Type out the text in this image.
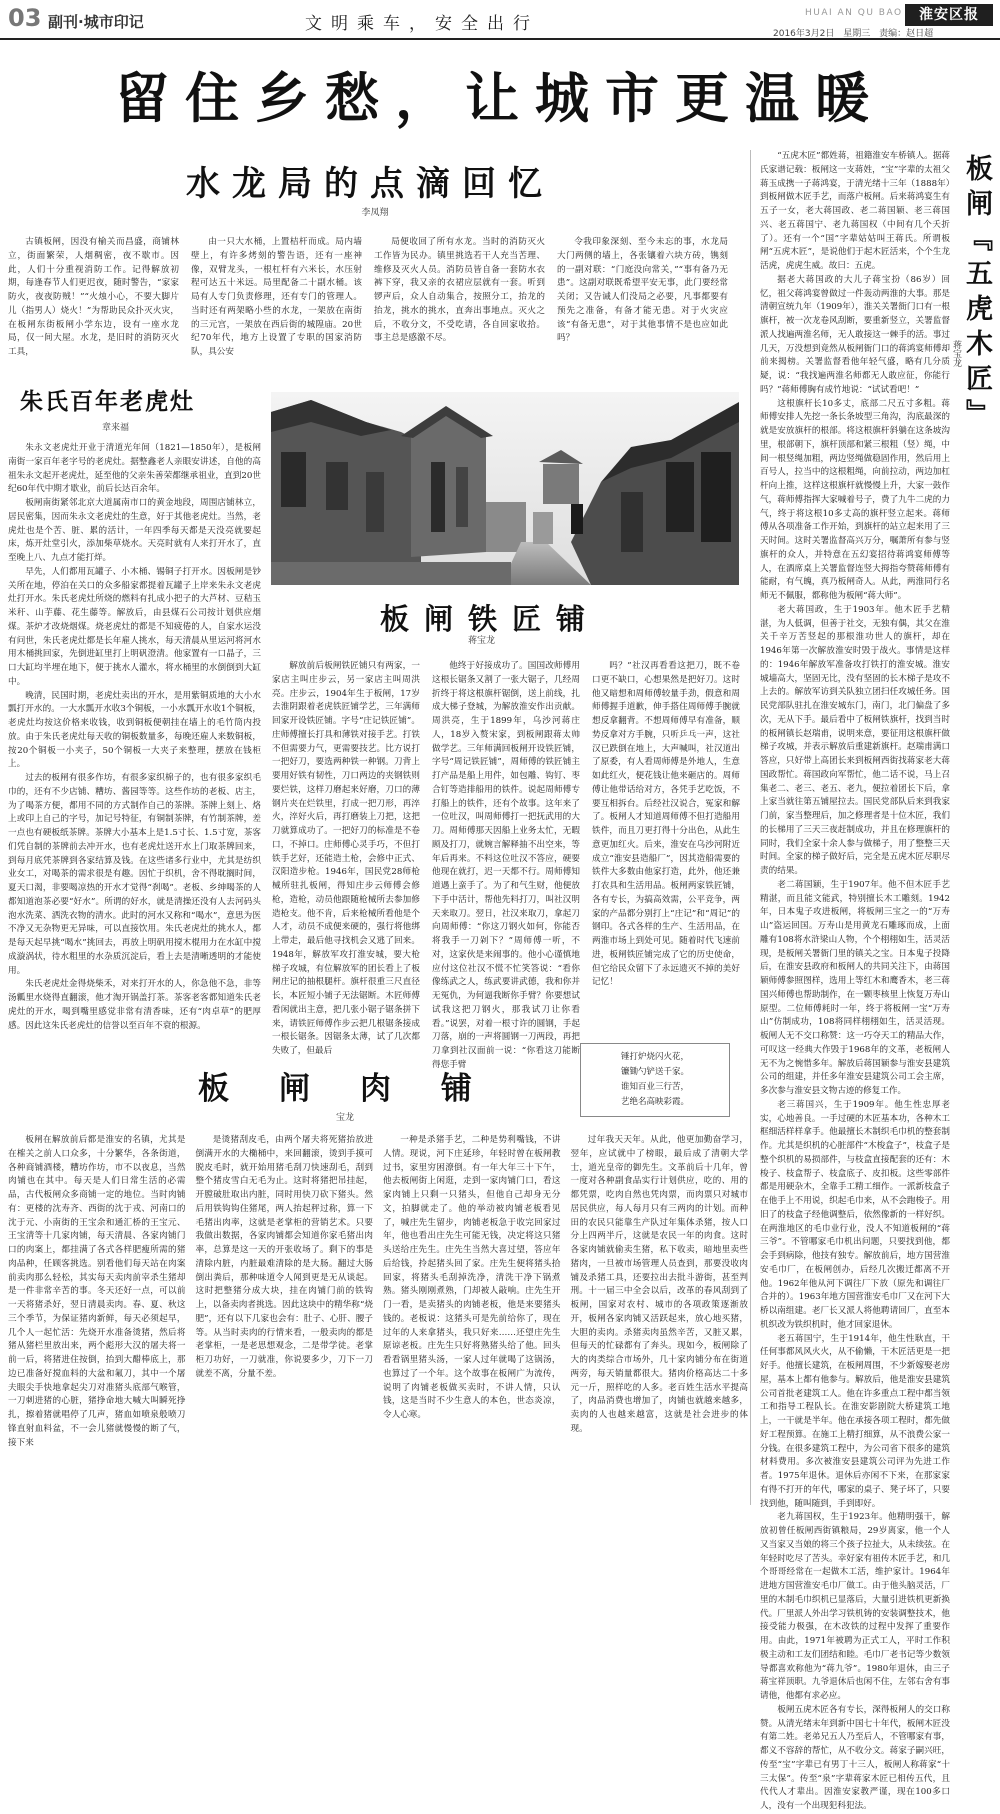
03 副刊·城市印记	文明乘车，安全出行
HUAI AN QU BAO	淮安区报
2016年3月2日 星期三 责编：赵日超
留住乡愁，让城市更温暖
水龙局的点滴回忆
李凤翔

古镇板闸，因没有榆关而昌盛，商铺林立，街面繁荣，人烟稠密，夜不歇市。因此，人们十分重视消防工作。记得解放初期，每逢春节人们更迟夜，随时警告，“家家防火，夜夜防贼！”“火烛小心，不要大脚片儿（指男人）烧火！”为帮助民众扑灭火灾，在板闸东街板闸小学东边，设有一座水龙局，仅一间大屋。水龙，是旧时的消防灭火工具，

由一只大水桶，上置桔杆而成。局内墙壁上，有许多烤刻的警告语，还有一座神像，双臂龙头，一根杠杆有六米长，水压射程可达五十米远。局里配备二十副水桶。该局有人专门负责修理，还有专门的管理人。当时还有两架略小些的水龙，一架放在南街的三元宫，一架放在西后街的城隍庙。20世纪70年代，地方上设置了专职的国家消防队，具公安

局便收回了所有水龙。当时的消防灭火工作皆为民办。镇里挑选若干人充当苦理、维修及灭火人员。消防员皆自备一套防水衣裤下穿，我又亲的衣裙应层就有一套。听到锣声后，众人自动集合，按照分工，抬龙的抬龙，挑水的挑水，直奔出事地点。灭火之后，不收分文，不受吃请，各自回家收拾。事主总是感激不尽。

令我印象深刻、至今未忘的事，水龙局大门两侧的墙上，各张镶着六块方砖，镌刻的一副对联：“门庭没向常关，”“事有备乃无患”。这副对联既希望平安无事，此门要经常关闭；又告诫人们没局之必要，凡事都要有预先之准备，有备才能无患。对于火灾应该“有备无患”，对于其他事情不是也应如此吗？

朱氏百年老虎灶
章来福

朱永文老虎灶开业于清道光年间（1821—1850年），是板闸南街一家百年老字号的老虎灶。据整鑫老人亲眼安讲述，自他的高祖朱永文起开老虎灶，延至他的父亲朱善荣都继承祖业，直到20世纪60年代中期才歇业，前后长达百余年。

板闸南街紧邻北京大道属南市口的黄金地段，周围店铺林立，居民密集，因而朱永文老虎灶的生意，好于其他老虎灶。当然，老虎灶也是个苦、脏、累的活计，一年四季每天都是天没亮就要起床，炼开灶堂引火，添加柴草烧水。天亮时就有人来打开水了，直至晚上八、九点才能打烊。

早先，人们都用瓦罐子、小木桶、锡铜子打开水。因板闸是钞关所在地，停泊在关口的众多船家都提着瓦罐子上岸来朱永文老虎灶打开水。朱氏老虎灶所烧的燃料有扎成小把子的大芦材、豆秸玉米秆、山芋藤、花生藤等。解放后，由县煤石公司按计划供应烟煤。茶炉才改烧烟煤。烧老虎灶的都是不知疲倦的人，自家水运没有问世，朱氏老虎灶都是长年雇人挑水，每天清晨从里运河将河水用木桶挑回家，先倒进缸里打上明矾澄清。他家置有一口晶子，三口大缸均半埋在地下，便于挑水人灌水，将水桶里的水倒倒到大缸中。

晚清，民国时期，老虎灶卖出的开水，是用紫铜质地的大小水瓢打开水的。一大水瓢开水收3个铜板，一小水瓢开水收1个铜板，老虎灶均按这价格来收钱，收到铜板便朝挂在墙上的毛竹筒内投放。由于朱氏老虎灶每天收的铜板数量多，每晚还雇人来数铜板，按20个铜板一小夹子，50个铜板一大夹子来整理，摆放在钱柜上。

过去的板闸有很多作坊，有很多家织棉子的，也有很多家织毛巾的，还有不少店铺、糟坊、酱园等等。这些作坊的老板、店主，为了喝茶方便，都用不同的方式制作自己的茶牌。茶牌上刻上、烙上或印上自己的字号，加记号特征，有铜制茶牌，有竹制茶牌，差一点也有硬板纸茶牌。茶牌大小基本上是1.5寸长、1.5寸宽，茶客们凭自制的茶牌前去冲开水，也有老虎灶送开水上门取茶牌回来，到每月底凭茶牌到各家结算及钱。在这些诸多行业中，尤其是纺织业女工，对喝茶的需求很是有趣。因忙于织机，舍不得耽搁时间，夏天口渴，非要喝凉热的开水才觉得“刹喝”。老板、乡绅喝茶的人都知道泡茶必要“好水”。所谓的好水，就是清操还没有人去河码头泡水洗菜、洒洗衣物的清水。此时的河水又称和“喝水”，意思为医不净又无杂物更无异味，可以直接饮用。朱氏老虎灶的挑水人，都是每天起早挑“喝水”挑回去，再放上明矾用搅木棍用力在水缸中搅成漩涡状，待水粗里的水杂质沉淀后，看上去是清晰透明的才能使用。

朱氏老虎灶金得烧柴禾，对来打开水的人，你急他不急，非等汤瓤里水烧得直翻滚，他才淘开锅盖打茶。茶客老客都知道朱氏老虎灶的开水，喝到嘴里感觉非常有清香味，还有“肉卓草”的肥厚感。因此这朱氏老虎灶的信誉以至百年不衰的根源。

板闸铁匠铺
蒋宝龙

解放前后板闸铁匠铺只有两家，一家店主叫庄步云，另一家店主叫周洪亮。庄步云，1904年生于板闸，17岁去淮阴跟着老虎铁匠铺学艺，三年满师回家开设铁匠铺。字号“庄记铁匠铺”。庄师傅擅长打具和薄铁对接手艺。打铁不但需要力气，更需要技艺。比方说打一把好刀，要选两种铁一种钢。刀背上要用好铁有韧性，刀口两边的夹钢铁则要烂铁，这样刀磨起来好磨，刀口的薄钢片夹在烂铁里，打成一把刀形，再淬火，淬好火后，再打磨装上刀把，这把刀就算成功了。一把好刀的标准是不卷口，不掉口。庄师傅心灵手巧，不但打铁手艺好，还能造土枪，会修中正式、汉阳造步枪。1946年，国民党28师枪械所驻扎板闸，得知庄步云师傅会修枪，造枪，动员他跟随枪械所去参加修造枪支。他不肯，后来枪械所看他是个人才，动员不成便来硬的，强行将他绑上带走，最后他寻找机会又逃了回来。1948年，解放军攻打淮安城，要大枪梯子攻城，有位解放军的团长看上了板闸庄记的抽根腿杆。旗杆很重三尺直径长，本匠短小铺子无法锯断。木匠师傅看闲就出主意，把几张小锯子锯条拼下来，请铁匠师傅作步云把几根锯条接成一根长锯条。因锯条太薄，试了几次都失败了，但最后

他终于好接成功了。国国改师傅用这根长锯条又割了一张大锯子，几经周折终于将这根旗杆锯倒，送上前线，扎成大梯子登城，为解放淮安作出贡献。周洪亮，生于1899年，乌沙河蒋庄人，18岁入赘宋家，到板闸跟蒋太帅做学艺。三年师满回板闸开设铁匠铺，字号“周记铁匠铺”，周师傅的铁匠铺主打产品是船上用件，如包雕、钩钉、枣合钉等造排船用的铁件。说起周师傅专打船上的铁件，还有个故事。这年来了一位吐汉，叫周师傅打一把抚武用的大刀。周师傅那天因船上业务太忙，无暇顾及打刀，就婉言解释抽不出空来，等年后再来。不料这位吐汉不答应，硬要他现在就打，迟一天都不行。周师傅知道遇上蛮手了。为了和气生财，他便放下手中活计，帮他先料打刀，叫社汉明天来取刀。翌日，社汉来取刀，拿起刀向周师傅：“你这刀钢火如何，你能否将我手一刀剁下？”周师傅一听，不对，这家伙是来闹事的。他小心谨慎地应付这位社汉不慌不忙笑答说：“看你像练武之人，练武要讲武德，我和你并无冤仇，为何逼我断你手臂？你要想试试我这把刀钢火，那我试刀让你看看。”说罢，对着一根寸许的圆钢，手起刀落，崩的一声将圆钢一刀两段，再把刀拿到社汉面前一说：“你看这刀能断得您手臂

吗？”社汉再看看这把刀，既不卷口更不缺口，心想果然是把好刀。这时他又暗想和周师傅较量手劲，假意和周师傅握手道歉，伸手搭住周师傅手腕就想反拿翻背。不想周师傅早有准备，顺势反拿对方手腕，只听乒乓一声，这社汉已跌倒在地上，大声喊叫，社汉道出了原委，有人看周师傅是外地人，生意如此红火，便花钱让他来砸店的。周师傅让他带话给对方，各凭手艺吃饭，不要互相拆台。后经社汉说合，冤家和解了。板闸人才知道周师傅不但打造船用铁件，而且刀更打得十分出色，从此生意更加红火。后来，淮安在乌沙河附近成立“淮安县造船厂”，因其造船需要的铁件大多数由他家打造，此外，他还兼打农具和生活用品。板闸两家铁匠铺，各有专长，为搞高效需，公平竞争，两家的产品都分别打上“庄记”和“周记”的钢印。各式各样的生产、生活用品，在两淮市场上到处可见。随着时代飞速前进，板闸铁匠铺完成了它的历史使命，但它给民众留下了永远遗灭不掉的美好记忆！

锤打炉烧闪火花，
镰锄勺铲送千家。
谁知百业三行苦，
艺绝名高映彩霞。
板闸『五虎木匠』
蒋宝龙

“五虎木匠”都姓蒋，祖籍淮安车桥镇人。据蒋氏家谱记载：板闸这一支蒋姓，“宝”字辈的太祖父蒋玉成携一子蒋鸿宴，于清光绪十三年（1888年）到板闸做木匠手艺，而落户板闸。后来蒋鸿宴生有五子一女，老大蒋国政、老二蒋国颖、老三蒋国兴、老五蒋国宁、老九蒋国权（中间有几个夭折了）。还有一个“国”字辈姑姑叫王蒋氏。所谓板闸“五虎木匠”，是说他们于起木匠活来，个个生龙活虎，虎虎生威。故曰：五虎。

据老大蒋国政的大儿子蒋宝扮（86岁）回忆，祖父蒋鸿宴曾做过一件轰动两淮的大事。那是清朝宣统九年（1909年），淮关关署衙门口有一根旗杆，被一次龙卷风刮断，要重新竖立，关署监督派人找遍两淮名师，无人敢接这一棘手的活。事过几天，万没想到竟然从板闸衙门口的蒋鸿宴师傅却前来揭榜。关署监督看他年轻气盛，略有几分质疑，说：“我找遍两淮名师都无人敢应征，你能行吗？”蒋师傅胸有成竹地说：“试试看吧！”

这根旗杆长10多丈，底部二尺五寸多粗。蒋师傅安排人先挖一条长条坡型三角沟，沟底最深的就是安放旗杆的根部。将这根旗杆斜躺在这条坡沟里，根部朝下，旗杆顶部和紧三根粗（竖）绳，中间一根竖绳加粗，两边竖绳做稳固作用，然后用上百号人，拉当中的这根粗绳，向前拉动，两边加杠杆向上推，这样这根旗杆就慢慢上升，大家一鼓作气，蒋师傅指挥大家喊着号子，费了九牛二虎的力气，终于将这根10多丈高的旗杆竖立起来。蒋师傅从各项准备工作开始，到旗杆的站立起来用了三天时间。这时关署监督高兴万分，嘱萧所有参与竖旗杆的众人，并特意在五幻宴招待蒋鸿宴师傅等人，在酒席桌上关署监督连竖大拇指夸赞蒋师傅有能耐，有气魄，真乃板闸奇人。从此，两淮同行名师无不佩服，都称他为板闸“蒋大师”。

老大蒋国政，生于1903年。他木匠手艺精湛，为人低调，但善于社交，无独有偶，其父在淮关千辛万苦竖起的那根淮功世人的旗杆，却在1946年第一次解放淮安时毁于战火。事情是这样的：1946年解放军准备攻打铁打的淮安城。淮安城墙高大，坚固无比，没有坚固的长木梯子是攻不上去的。解放军访到关队独立团扫任攻城任务。国民党部队驻扎在淮安城东门，南门，北门偏盘了多次，无从下手。最后看中了板闸铁旗杆，找到当时的板闸镇长赵瑞甫，说明来意，要征用这根旗杆做梯子攻城，并表示解放后重建新旗杆。赵瑞甫满口答应，只好带上高团长来到板闸西街找蒋家老大蒋国政帮忙。蒋国政向军帮忙，他二话不说，马上召集老二、老三、老五、老九，便拉着团长下后，拿上家当就往第五铺屋拉去。国民党部队后来到我家门前，家当整理后，加之修理者是十位木匠，我们的长梯用了三天三夜赶制成功，并且在修理旗杆的同时，我们全家十余人参与做梯子，用了整整三天时间。全家的梯子做好后，完全是五虎木匠尽职尽责的结果。

老二蒋国颖，生于1907年。他不但木匠手艺精湛，而且能文能武，特别擅长木工雕刻。1942年，日本鬼子攻进板闸，将板闸三宝之一的“万寿山”盗运回国。万寿山是用黄龙石雕琢而成，上面雕有108将水浒梁山人物，个个栩栩如生，活灵活现，是板闸关署衙门里的镇关之宝。日本鬼子投降后，在淮安县政府和板闸人的共同关注下，由蒋国颖师傅参照图样，选用上等红木和鹰香木，老三蒋国兴师傅也帮助制作，在一颗枣核里上恢复万寿山原型。二位师傅耗时一年，终于将板闸一宝“万寿山”仿制成功，108将同样栩栩如生，活灵活现。板闸人无不交口称赞：这一巧夺天工的精品大作，可叹这一经典大作毁于1968年的文革，老板闸人无不为之惋惜多年。解放后蒋国颖参与淮安县建筑公司的组建，并任多年淮安县建筑公司工会主席，多次参与淮安县文物古迹的修复工作。

老三蒋国兴，生于1909年。他生性忠厚老实，心地善良。一手过硬的木匠基本功，各种木工框细活样样拿手。他最擅长木制织毛巾机的整套制作。尤其是织机的心脏部件“木梭盒子”，枝盒子是整个织机的易损部件，与枝盒直接配套的还有：木梭子、枝盒帮子、枝盒底子、皮扣板。这些零部件都是用硬杂木，全靠手工精工细作。一派新枝盒子在他手上不用说，织起毛巾来，从不会跑梭子。用旧了的枝盒子经他调整后，依然像新的一样好织。在两淮地区的毛巾业行业，没人不知道板闸的“蒋三爷”。不管哪家毛巾机出问题，只要找到他，都会手到病除，他技有独专。解放前后，地方国营淮安毛巾厂，在板闸创办，后经几次搬迁都离不开他。1962年他从河下调往厂下放（原先和调往厂合并的）。1963年地方国营淮安毛巾厂又在河下大桥以南组建。老厂长又派人将他聘请回厂，直至本机织改为铁织机时，他才回家退休。

老五蒋国宁，生于1914年，他生性耿直，干任何事都风风火火，从不偷懒，干木匠活更是一把好手。他擅长建筑，在板闸周围，不少新嫁娶老房屋，基本上都有他参与。解放后，他是淮安县建筑公司首批老建筑工人。他在许多重点工程中都当领工和指导工程队长。在淮安影剧院大桥建筑工地上，一干就是半年。他在承接各项工程时，都先做好工程预算。在施工上精打细算，从不浪费公家一分钱。在很多建筑工程中，为公司省下很多的建筑材料费用。多次被淮安县建筑公司评为先进工作者。1975年退休。退休后亦闲不下来，在那家家有得不打开的年代，哪家的桌子、凳子坏了，只要找到他，随叫随到，手到即好。

老九蒋国权，生于1923年。他精明强干，解放初曾任板闸西街镇粮局，29岁离家，他一个人又当家又当娘的将三个孩子拉扯大，从未续弦。在年轻时吃尽了苦头。幸好家有祖传木匠手艺，和几个哥哥经常在一起做木工活，维护家计。1964年进地方国营淮安毛巾厂做工。由于他头脑灵活，厂里的木制毛巾织机已显落后，大量引进铁机更新换代。厂里派人外出学习铁机铸的安装调整技术，他接受能力极强，在木改铁的过程中发挥了重要作用。由此，1971年被聘为正式工人，平时工作积极主动和工友们团结和睦。毛巾厂老书记等少数领导都喜欢称他为“蒋九爷”。1980年退休，由三子蒋宝祥顶职。九爷退休后也闲不住，左邻右舍有事请他，他都有求必应。

板闸五虎木匠各有专长，深得板闸人的交口称赞。从清光绪末年到新中国七十年代，板闸木匠没有第二姓。老弟兄五人乃至后人，不管哪家有事，都义不容辞的帮忙，从不收分文。蒋家子嗣兴旺，传至“宝”字辈已有男丁十三人，板闸人称蒋家“十三太保”。传至“泉”字辈蒋家木匠已相传五代，且代代人才辈出。因淮安家教严谨，现在100多口人，没有一个出现犯科犯法。

板闸肉铺
宝龙

板闸在解放前后都是淮安的名镇，尤其是在榷关之前人口众多，十分繁华，各条街道，各种商铺酒楼，糟坊作坊，市不以夜息，当然肉铺也在其中。每天是人们日常生活的必需品，古代板闸众多商铺一定的地位。当时肉铺有：更楼的沈寿齐、西街的沈于戎、河南口的沈于元、小南街的王宝余和通汇桥的王宝元、王宝清等十几家肉铺，每天清晨、各家肉铺门口的肉案上，都挂满了各式各样肥瘦所需的猪肉品种，任顾客挑选。别看他们每天站在肉案前卖肉那么轻松，其实每天卖肉前宰杀生猪却是一件非常辛苦的事。冬天还好一点，可以前一天将猪杀好，翌日清晨卖肉。春、夏、秋这三个季节，为保证猪肉新鲜，每天必须起早，几个人一起忙活：先烧开水准备烫猪，然后将猪从猪栏里放出来，两个彪形大汉的屠夫将一前一后，将猪进住按倒，抬到大醋棒底上，那边已准备好搅血料的大盆和氟刀，其中一个屠夫眼尖手快地拿起尖刀对准猪头底部气喉管，一刀刺进猪的心脏，猪挣命地大喊大叫瞬死挣扎，擦着猪就唱停了几声，猪血如喷泉般喷刀锋直射血料盆，不一会儿猪就慢慢的断了气，接下来

是烫猪刮皮毛，由两个屠夫将死猪抬放进倒满开水的大椭桶中，来回翻滚，烫到手摸可脱皮毛时，就开始用猪毛刮刀快速刮毛，刮到整个猪皮雪白无毛为止。这时将猪把吊挂起，开膛破肚取出内脏，同时用快刀砍下猪头。然后用铁钩钩住猪尾，两人抬起秤过称，算一下毛猪出肉率，这就是老掌柜的营销艺术。只要我做出数据，各家肉铺都会知道你家毛猪出肉率，总算是这一天的开张收场了。剩下的事是清除内脏，内脏最难清除的是大肠。翻过大肠倒出粪后，那种味道令人闻到更是无从谈起。这时把整猪分成大块，挂在肉铺门前的铁钩上，以备卖肉者挑选。因此这块中的精华称“烧肥”，还有以下几家也会有：肚子、心肝、腰子等。从当时卖肉的行情来看，一般卖肉的都是老掌柜，一是老思想观念，二是带学徒。老掌柜刀功好，一刀就准，你说要多少，刀下一刀就差不离，分量不差。

一种是杀猪手艺，二种是势利嘴钱，不讲人情。现说，河下庄延珍，年轻时曾在板闸教过书，家里穷困潦倒。有一年大年三十下午，他去板闸街上闲逛，走到一家肉铺门口，看这家肉铺上只剩一只猪头，但他自己却身无分文，拍脚就走了。他的举动被肉铺老板看见了，喊庄先生留步，肉铺老板急于收完回家过年，他也看出庄先生可能无钱，决定将这只猪头送给庄先生。庄先生当然大喜过望，答应年后给钱，拎起猪头回了家。庄先生便将猪头拾回家，将猪头毛刮掉洗净，清洗干净下锅煮熟。猪头刚刚煮熟，门却被人敲响。庄先生开门一看，是卖猪头的肉铺老板，他是来要猪头钱的。老板说：这猪头可是先前给你了，现在过年的人来拿猪头，我只好来……还望庄先生原谅老板。庄先生只好将熟猪头给了他。回头看看锅里猪头汤，一家人过年就喝了这锅汤，也算过了一个年。这个故事在板闸广为流传，说明了肉铺老板做买卖时，不讲人情，只认钱，这是当时不少生意人的本色，世态炎凉，令人心寒。

过年我天天年。从此，他更加勤奋学习，翌年，应试就中了榜眼，最后成了清朝大学士，道光皇帝的御先生。文革前后十几年，曾一度对各种副食品实行计划供应，吃的、用的都凭票，吃肉自然也凭肉票，而肉票只对城市居民供应，每人每月只有三两肉的计划。而种田的农民只能靠生产队过年集体杀猪，按人口分上四两半斤，这就是农民一年的肉食。这时各家肉铺就偷卖生猪，私下收卖，暗地里卖些猪肉，一旦被市场管理人员查到，那要没收肉铺及杀猪工具，还要拉出去批斗游街，甚至判刑。十一届三中全会以后，改革的春风刮到了板闸，国家对农村、城市的各项政策逐渐放开，板闸各家肉铺又活跃起来，放心地买猪，大胆的卖肉。杀猪卖肉虽然辛苦，又脏又累，但每天的忙碌都有了奔头。现如今，板闸除了大的肉类综合市场外，几十家肉铺分布在街道两旁，每天销量都很大。猪肉价格高达二十多元一斤，照样吃的人多。老百姓生活水平提高了，肉品消费也增加了，肉铺也就越来越多，卖肉的人也越来越富，这就是社会进步的体现。
